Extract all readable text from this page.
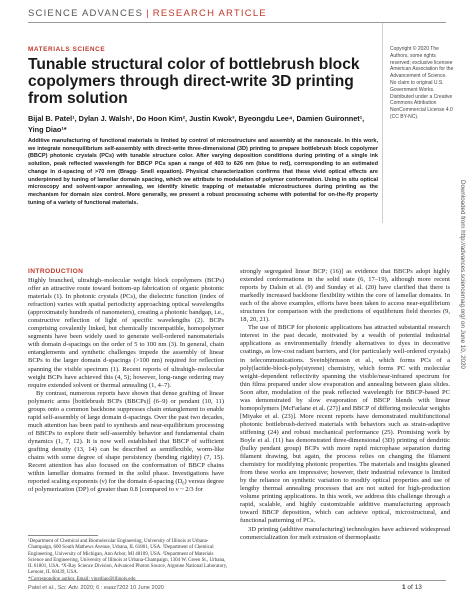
SCIENCE ADVANCES | RESEARCH ARTICLE
MATERIALS SCIENCE
Tunable structural color of bottlebrush block copolymers through direct-write 3D printing from solution
Bijal B. Patel¹, Dylan J. Walsh¹, Do Hoon Kim², Justin Kwok³, Byeongdu Lee⁴, Damien Guironnet¹, Ying Diao¹*
Additive manufacturing of functional materials is limited by control of microstructure and assembly at the nanoscale. In this work, we integrate nonequilibrium self-assembly with direct-write three-dimensional (3D) printing to prepare bottlebrush block copolymer (BBCP) photonic crystals (PCs) with tunable structure color. After varying deposition conditions during printing of a single ink solution, peak reflected wavelength for BBCP PCs span a range of 403 to 626 nm (blue to red), corresponding to an estimated change in d-spacing of >70 nm (Bragg- Snell equation). Physical characterization confirms that these vivid optical effects are underpinned by tuning of lamellar domain spacing, which we attribute to modulation of polymer conformation. Using in situ optical microscopy and solvent-vapor annealing, we identify kinetic trapping of metastable microstructures during printing as the mechanism for domain size control. More generally, we present a robust processing scheme with potential for on-the-fly property tuning of a variety of functional materials.
Copyright © 2020 The Authors, some rights reserved; exclusive licensee American Association for the Advancement of Science. No claim to original U.S. Government Works. Distributed under a Creative Commons Attribution NonCommercial License 4.0 (CC BY-NC).
Downloaded from http://advances.sciencemag.org/ on June 10, 2020
INTRODUCTION

Highly branched, ultrahigh–molecular weight block copolymers (BCPs) offer an attractive route toward bottom-up fabrication of organic photonic materials (1). In photonic crystals (PCs), the dielectric function (index of refraction) varies with spatial periodicity approaching optical wavelengths (approximately hundreds of nanometers), creating a photonic bandgap, i.e., constructive reflection of light of specific wavelengths (2). BCPs comprising covalently linked, but chemically incompatible, homopolymer segments have been widely used to generate well-ordered nanomaterials with domain d-spacings on the order of 5 to 100 nm (3). In general, chain entanglements and synthetic challenges impede the assembly of linear BCPs to the larger domain d-spacings (>100 nm) required for reflection spanning the visible spectrum (1). Recent reports of ultrahigh–molecular weight BCPs have achieved this (4, 5); however, long-range ordering may require extended solvent or thermal annealing (1, 4–7).

By contrast, numerous reports have shown that dense grafting of linear polymeric arms [bottlebrush BCPs (BBCPs)] (6–9) or pendant (10, 11) groups onto a common backbone suppresses chain entanglement to enable rapid self-assembly of large domain d-spacings. Over the past two decades, much attention has been paid to synthesis and near-equilibrium processing of BBCPs to explore their self-assembly behavior and fundamental chain dynamics (1, 7, 12). It is now well established that BBCP of sufficient grafting density (13, 14) can be described as semiflexible, worm-like chains with some degree of shape persistency (bending rigidity) (7, 15). Recent attention has also focused on the conformation of BBCP chains within lamellar domains formed in the solid phase. Investigations have reported scaling exponents (ν) for the domain d-spacing (D₀) versus degree of polymerization (DP) of greater than 0.8 [compared to ν ~ 2/3 for

strongly segregated linear BCP; (16)] as evidence that BBCPs adopt highly extended conformations in the solid state (6, 17–19), although more recent reports by Dalsin et al. (9) and Sunday et al. (20) have clarified that there is markedly increased backbone flexibility within the core of lamellar domains. In each of the above examples, efforts have been taken to access near-equilibrium structures for comparison with the predictions of equilibrium field theories (9, 18, 20, 21).

The use of BBCP for photonic applications has attracted substantial research interest in the past decade, motivated by a wealth of potential industrial applications as environmentally friendly alternatives to dyes in decorative coatings, as low-cost radiant barriers, and (for particularly well-ordered crystals) in telecommunications. Sveinbjörnsson et al., which forms PCs of a poly(lactide-block-poly(styrene) chemistry, which forms PC with molecular weight–dependent reflectivity spanning the visible/near-infrared spectrum for thin films prepared under slow evaporation and annealing between glass slides. Soon after, modulation of the peak reflected wavelength for BBCP-based PC was demonstrated by slow evaporation of BBCP blends with linear homopolymers [McFarlane et al. (27)] and BBCP of differing molecular weights [Miyake et al. (23)]. More recent reports have demonstrated multifunctional photonic bottlebrush-derived materials with behaviors such as strain-adaptive stiffening (24) and robust mechanical performance (25). Promising work by Boyle et al. (11) has demonstrated three-dimensional (3D) printing of dendritic (bulky pendant group) BCPs with more rapid microphase separation during filament drawing, but again, the process relies on changing the filament chemistry for modifying photonic properties. The materials and insights gleaned from these works are impressive; however, their industrial relevance is limited by the reliance on synthetic variation to modify optical properties and use of lengthy thermal annealing processes that are not suited for high-production volume printing applications. In this work, we address this challenge through a rapid, scalable, and highly customizable additive manufacturing approach toward BBCP deposition, which can achieve optical, microstructural, and functional patterning of PCs.

3D printing (additive manufacturing) technologies have achieved widespread commercialization for melt extrusion of thermoplastic

¹Department of Chemical and Biomolecular Engineering, University of Illinois at Urbana-Champaign, 600 South Mathews Avenue, Urbana, IL 61801, USA. ²Department of Chemical Engineering, University of Michigan, Ann Arbor, MI 48109, USA. ³Department of Materials Science and Engineering, University of Illinois at Urbana-Champaign, 1304 W. Green St., Urbana, IL 61801, USA. ⁴X-Ray Science Division, Advanced Photon Source, Argonne National Laboratory, Lemont, IL 60439, USA.
Patel et al., Sci. Adv. 2020; 6 : eaaz7202 10 June 2020	1 of 13
